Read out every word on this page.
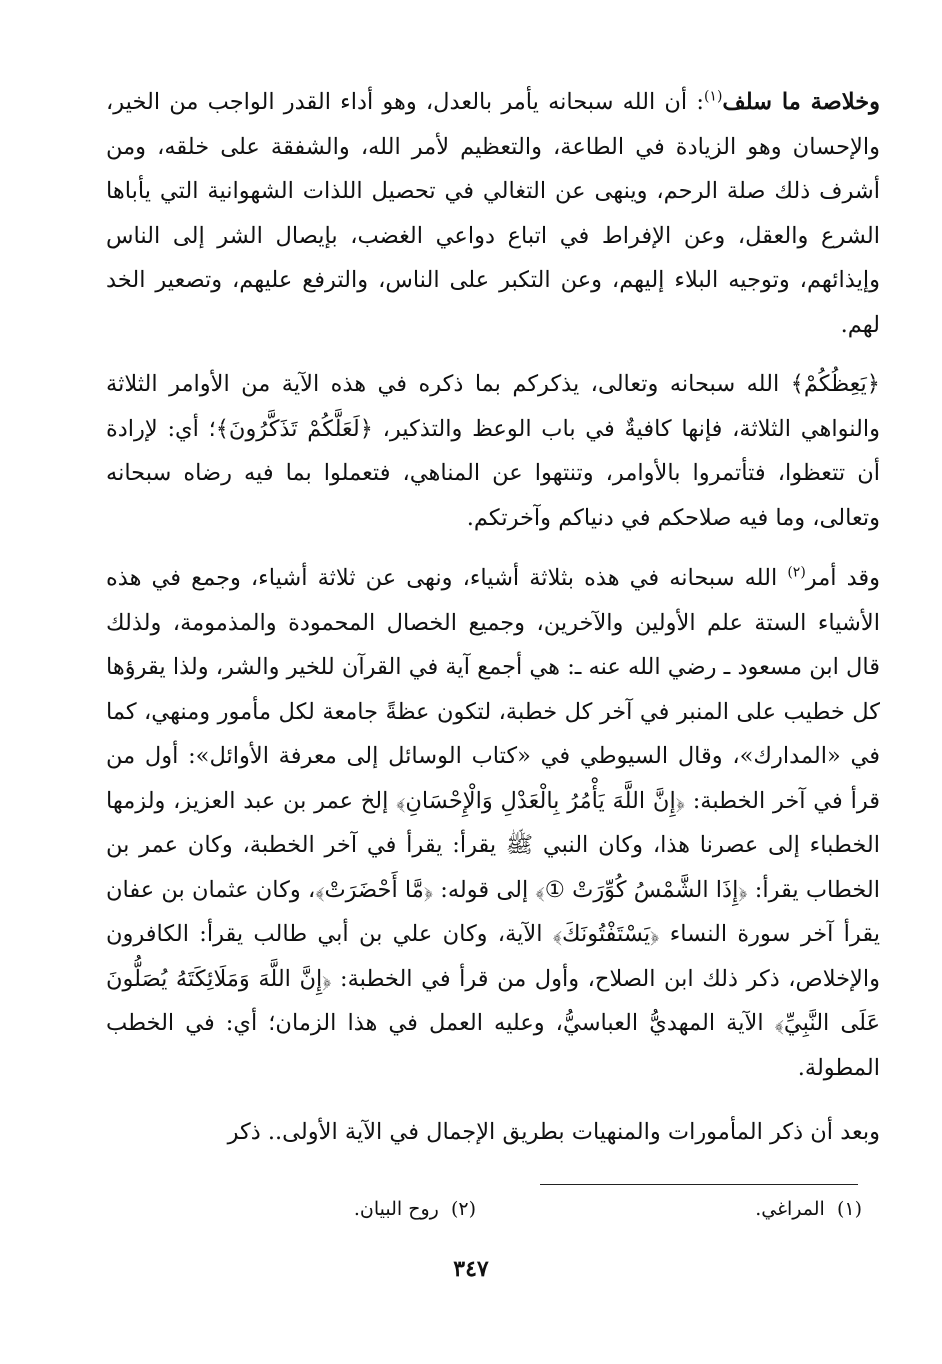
وخلاصة ما سلف$^{(١)}$: أن الله سبحانه يأمر بالعدل، وهو أداء القدر الواجب من الخير، والإحسان وهو الزيادة في الطاعة، والتعظيم لأمر الله، والشفقة على خلقه، ومن أشرف ذلك صلة الرحم، وينهى عن التغالي في تحصيل اللذات الشهوانية التي يأباها الشرع والعقل، وعن الإفراط في اتباع دواعي الغضب، بإيصال الشر إلى الناس وإيذائهم، وتوجيه البلاء إليهم، وعن التكبر على الناس، والترفع عليهم، وتصعير الخد لهم.

﴿يَعِظُكُمْ﴾ الله سبحانه وتعالى، يذكركم بما ذكره في هذه الآية من الأوامر الثلاثة والنواهي الثلاثة، فإنها كافيةٌ في باب الوعظ والتذكير، ﴿لَعَلَّكُمْ تَذَكَّرُونَ﴾؛ أي: لإرادة أن تتعظوا، فتأتمروا بالأوامر، وتنتهوا عن المناهي، فتعملوا بما فيه رضاه سبحانه وتعالى، وما فيه صلاحكم في دنياكم وآخرتكم.

وقد أمر$^{(٢)}$ الله سبحانه في هذه بثلاثة أشياء، ونهى عن ثلاثة أشياء، وجمع في هذه الأشياء الستة علم الأولين والآخرين، وجميع الخصال المحمودة والمذمومة، ولذلك قال ابن مسعود ـ رضي الله عنه ـ: هي أجمع آية في القرآن للخير والشر، ولذا يقرؤها كل خطيب على المنبر في آخر كل خطبة، لتكون عظةً جامعة لكل مأمور ومنهي، كما في «المدارك»، وقال السيوطي في «كتاب الوسائل إلى معرفة الأوائل»: أول من قرأ في آخر الخطبة: ﴿إِنَّ اللَّهَ يَأْمُرُ بِالْعَدْلِ وَالْإِحْسَانِ﴾ إلخ عمر بن عبد العزيز، ولزمها الخطباء إلى عصرنا هذا، وكان النبي ﷺ يقرأ: يقرأ في آخر الخطبة، وكان عمر بن الخطاب يقرأ: ﴿إِذَا الشَّمْسُ كُوِّرَتْ ①﴾ إلى قوله: ﴿مَّا أَحْضَرَتْ﴾، وكان عثمان بن عفان يقرأ آخر سورة النساء ﴿يَسْتَفْتُونَكَ﴾ الآية، وكان علي بن أبي طالب يقرأ: الكافرون والإخلاص، ذكر ذلك ابن الصلاح، وأول من قرأ في الخطبة: ﴿إِنَّ اللَّهَ وَمَلَائِكَتَهُ يُصَلُّونَ عَلَى النَّبِيِّ﴾ الآية المهديُّ العباسيُّ، وعليه العمل في هذا الزمان؛ أي: في الخطب المطولة.

وبعد أن ذكر المأمورات والمنهيات بطريق الإجمال في الآية الأولى.. ذكر

(١)  المراغي.
(٢)  روح البيان.
٣٤٧
